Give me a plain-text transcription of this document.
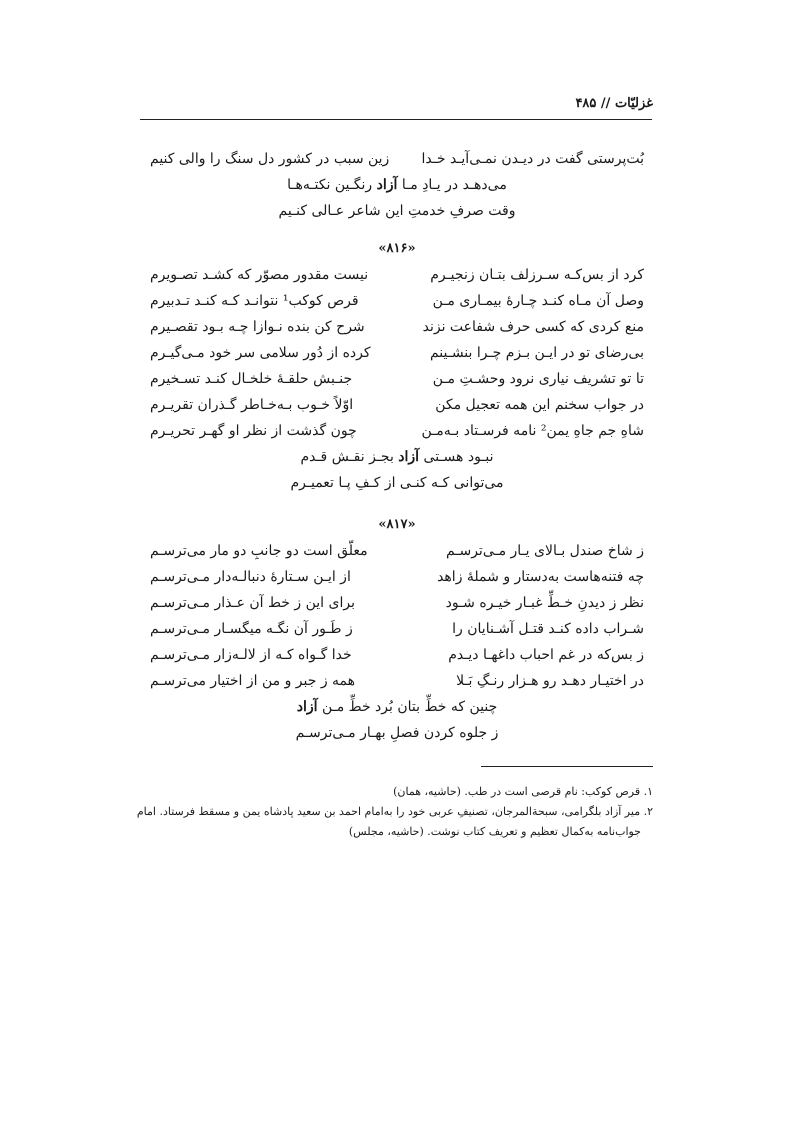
غزلیّات // ۴۸۵
بُت‌پرستی گفت در دیـدن نمـی‌آیـد خـدا
زین سبب در کشور دل سنگ را والی کنیم
می‌دهـد در یـادِ مـا آزاد رنگـین نکتـه‌هـا
وقت صرفِ خدمتِ این شاعر عـالی کنـیم
«۸۱۶»
کرد از بس‌کـه سـرزلف بتـان زنجیـرم
نیست مقدور مصوّر که کشـد تصـویرم
وصل آن مـاه کنـد چـارهٔ بیمـاری مـن
قرص کوکب¹ نتوانـد کـه کنـد تـدبیرم
منع کردی که کسی حرف شفاعت نزند
شرح کن بنده نـوازا چـه بـود تقصـیرم
بی‌رضای تو در ایـن بـزم چـرا بنشـینم
کرده از دُور سلامی سر خود مـی‌گیـرم
تا تو تشریف نیاری نرود وحشـتِ مـن
جنـبش حلقـهٔ خلخـال کنـد تسـخیرم
در جواب سخنم این همه تعجیل مکن
اوّلاً خـوب بـه‌خـاطر گـذران تقریـرم
شاهِ جم جاهِ یمن² نامه فرسـتاد بـه‌مـن
چون گذشت از نظر او گهـر تحریـرم
نبـود هسـتی آزاد بجـز نقـش قـدم
می‌توانی کـه کنـی از کـفِ پـا تعمیـرم
«۸۱۷»
ز شاخ صندل بـالای یـار مـی‌ترسـم
معلّق است دو جانبِ دو مار می‌ترسـم
چه فتنه‌هاست به‌دستار و شملهٔ زاهد
از ایـن سـتارهٔ دنبالـه‌دار مـی‌ترسـم
نظر ز دیدنِ خـطِّ غبـار خیـره شـود
برای این ز خط آن عـذار مـی‌ترسـم
شـراب داده کنـد قتـل آشـنایان را
ز طَـور آن نگـه میگسـار مـی‌ترسـم
ز بس‌که در غم احباب داغهـا دیـدم
خدا گـواه کـه از لالـه‌زار مـی‌ترسـم
در اختیـار دهـد رو هـزار رنـگِ بَـلا
همه ز جبر و من از اختیار می‌ترسـم
چنین که خطِّ بتان بُرد خطِّ مـن آزاد
ز جلوه کردن فصلِ بهـار مـی‌ترسـم

۱. قرص کوکب: نام قرصی است در طب. (حاشیه، همان)

۲. میر آزاد بلگرامی، سبحة‌المرجان، تصنیفِ عربی خود را به‌امام احمد بن سعید پادشاه یمن و مسقط فرستاد. امام

جواب‌نامه به‌کمال تعظیم و تعریف کتاب نوشت. (حاشیه، مجلس)
